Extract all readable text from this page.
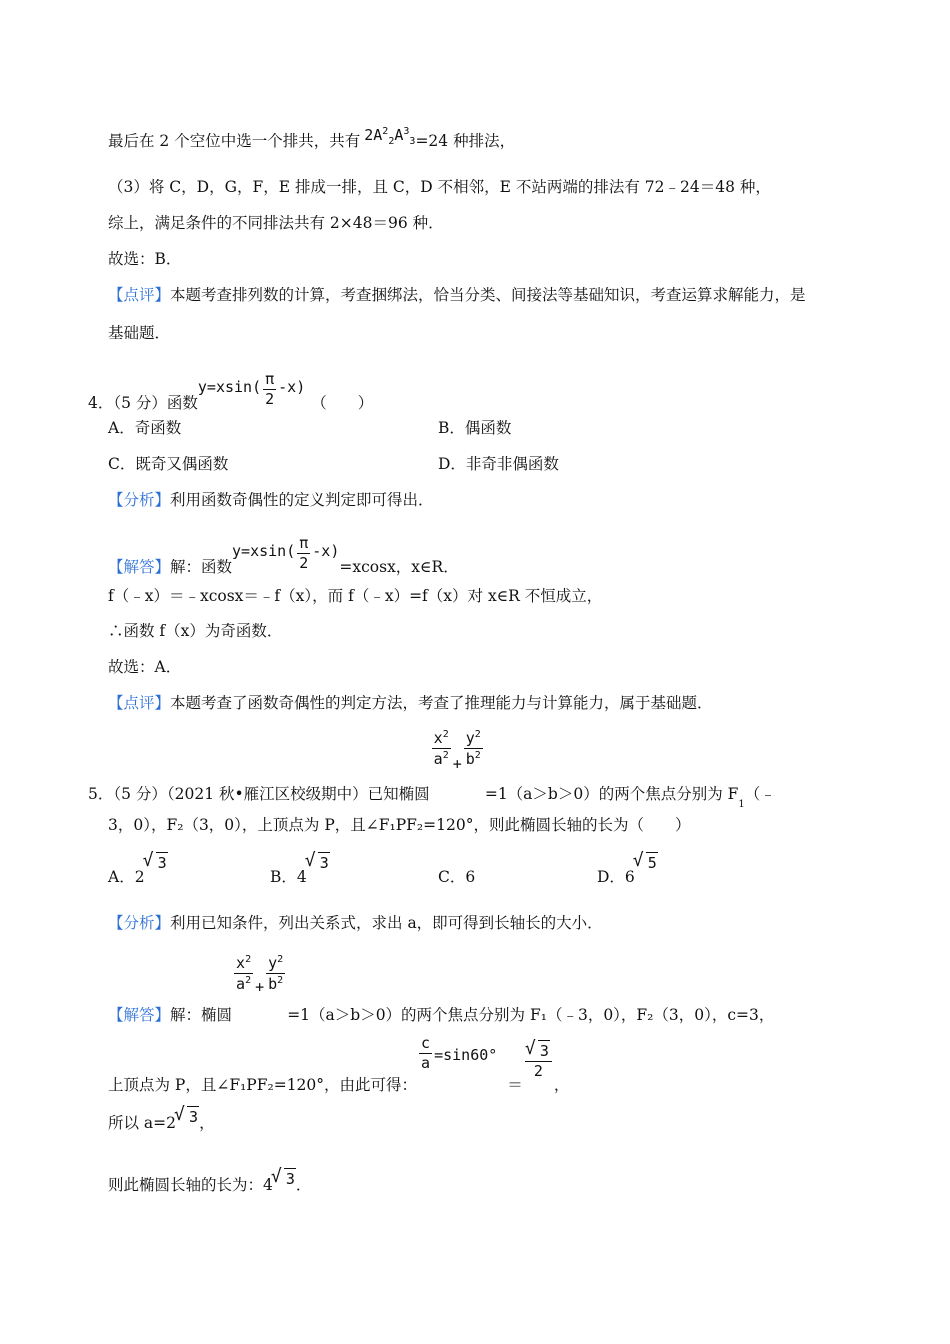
最后在 2 个空位中选一个排共，共有 $2A^2_2A^3_3=24$ 种排法，
（3）将 C，D，G，F，E 排成一排，且 C，D 不相邻，E 不站两端的排法有 72﹣24＝48 种，
综上，满足条件的不同排法共有 2×48＝96 种．
故选：B．
【点评】本题考查排列数的计算，考查捆绑法，恰当分类、间接法等基础知识，考查运算求解能力，是
基础题．
4．（5 分）函数$y=xsin( \frac{\pi}{2} -x)$（　　）
A．奇函数	B．偶函数
C．既奇又偶函数	D．非奇非偶函数
【分析】利用函数奇偶性的定义判定即可得出．
【解答】解：函数$y=xsin( \frac{\pi}{2} -x)=xcosx$，x∈R．
f（﹣x）＝﹣xcosx＝﹣f（x），而 f（﹣x）=f（x）对 x∈R 不恒成立，
∴函数 f（x）为奇函数．
故选：A．
【点评】本题考查了函数奇偶性的判定方法，考查了推理能力与计算能力，属于基础题．
5．（5 分）（2021 秋•雁江区校级期中）已知椭圆
$\frac{x^2}{a^2} + \frac{y^2}{b^2}$
=1（a＞b＞0）的两个焦点分别为 $F_1(﹣$
3，0），F₂（3，0），上顶点为 P，且∠F₁PF₂=120°，则此椭圆长轴的长为（　　）
A．2√ 3
B．4√ 3
C．6	D．6√ 5
【分析】利用已知条件，列出关系式，求出 a，即可得到长轴长的大小．
【解答】解：椭圆
$\frac{x^2}{a^2} + \frac{y^2}{b^2}$
=1（a＞b＞0）的两个焦点分别为 F₁（﹣3，0），F₂（3，0），c=3，
上顶点为 P，且∠F₁PF₂=120°，由此可得：
$\frac{c}{a} =\sin 60^\circ=$
√ $\frac{3}{2}$
，
所以 a=2 √ 3，
则此椭圆长轴的长为：4 √ 3．
